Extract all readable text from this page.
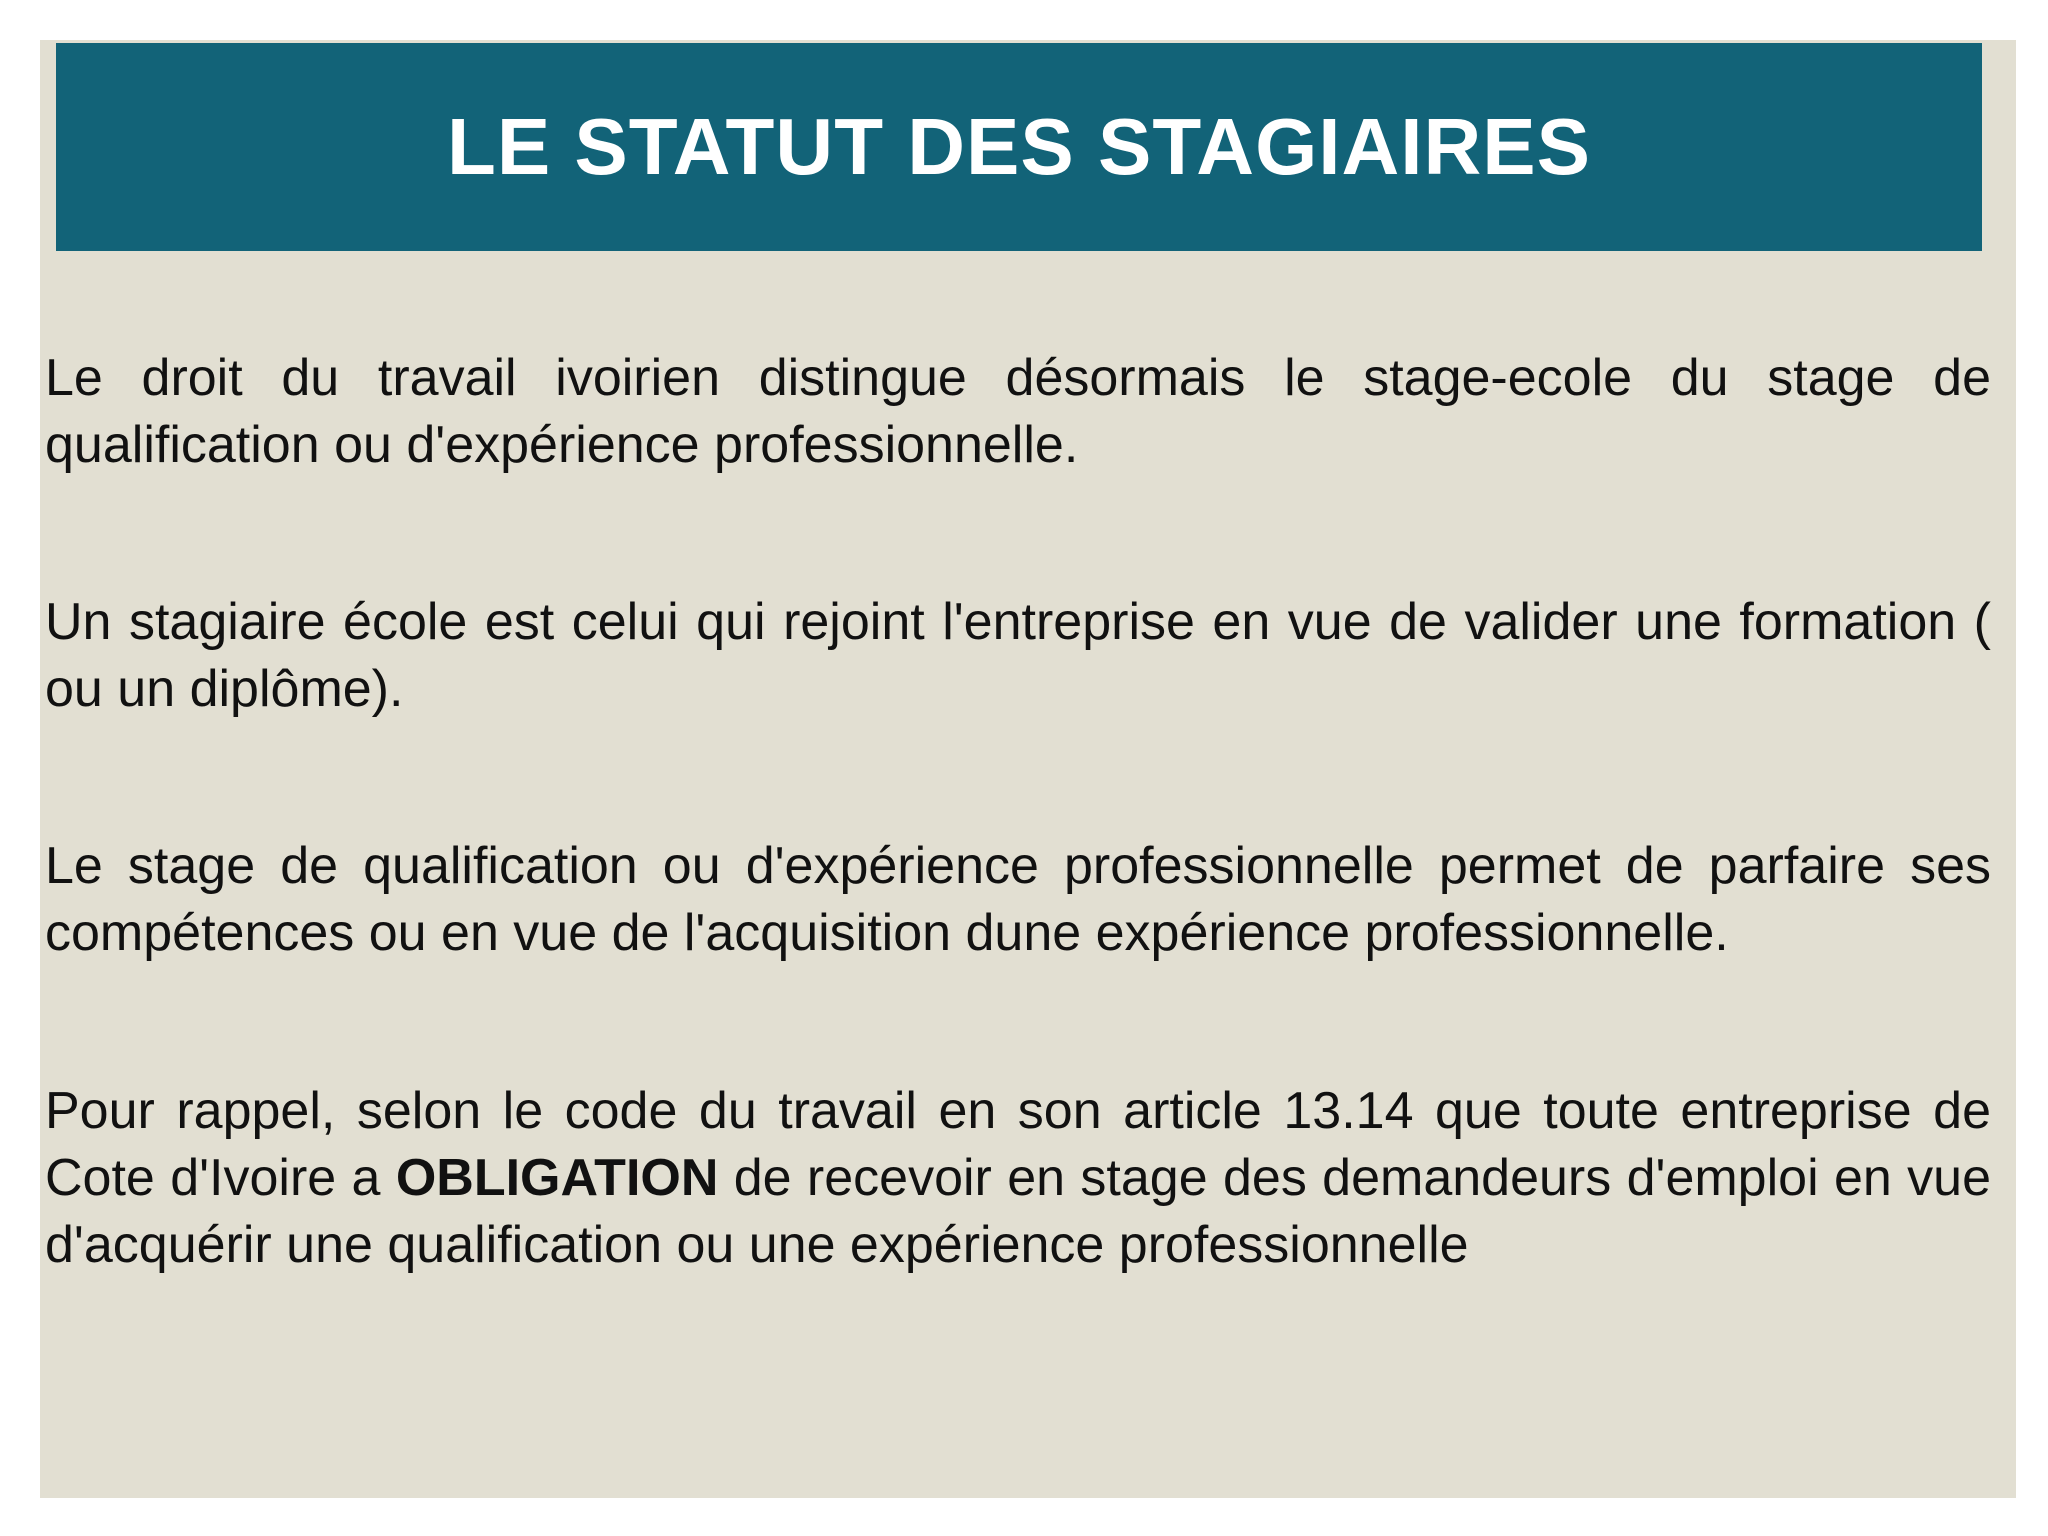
LE STATUT DES STAGIAIRES

Le droit du travail ivoirien distingue désormais le stage-ecole du stage de qualification ou d'expérience professionnelle.

Un stagiaire école est celui qui rejoint l'entreprise en vue de valider une formation ( ou un diplôme).

Le stage de qualification ou d'expérience professionnelle permet de parfaire ses compétences ou en vue de l'acquisition dune expérience professionnelle.

Pour rappel, selon le code du travail en son article 13.14 que toute entreprise de Cote d'Ivoire a OBLIGATION de recevoir en stage des demandeurs d'emploi en vue d'acquérir une qualification ou une expérience professionnelle
